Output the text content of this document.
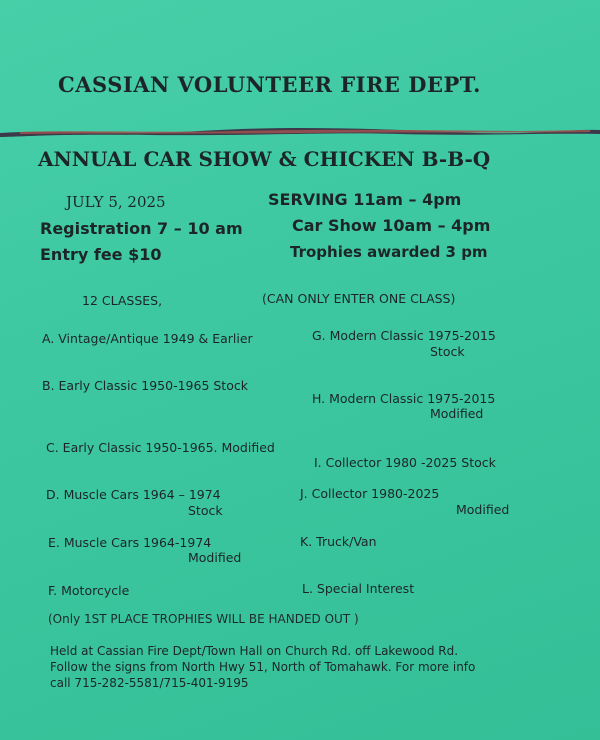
CASSIAN VOLUNTEER FIRE DEPT.
ANNUAL CAR SHOW & CHICKEN B-B-Q
JULY 5, 2025	SERVING 11am – 4pm
Registration 7 – 10 am	Car Show 10am – 4pm
Entry fee $10	Trophies awarded 3 pm
12 CLASSES,	(CAN ONLY ENTER ONE CLASS)
A. Vintage/Antique 1949 & Earlier
B. Early Classic 1950-1965 Stock
C. Early Classic 1950-1965. Modified
D. Muscle Cars 1964 – 1974
Stock
E. Muscle Cars 1964-1974
Modified
F. Motorcycle
G. Modern Classic 1975-2015
Stock
H. Modern Classic 1975-2015
Modified
I. Collector 1980 -2025 Stock
J. Collector 1980-2025
Modified
K. Truck/Van
L. Special Interest
(Only 1ST PLACE TROPHIES WILL BE HANDED OUT )
Held at Cassian Fire Dept/Town Hall on Church Rd. off Lakewood Rd.
Follow the signs from North Hwy 51, North of Tomahawk. For more info
call 715-282-5581/715-401-9195
